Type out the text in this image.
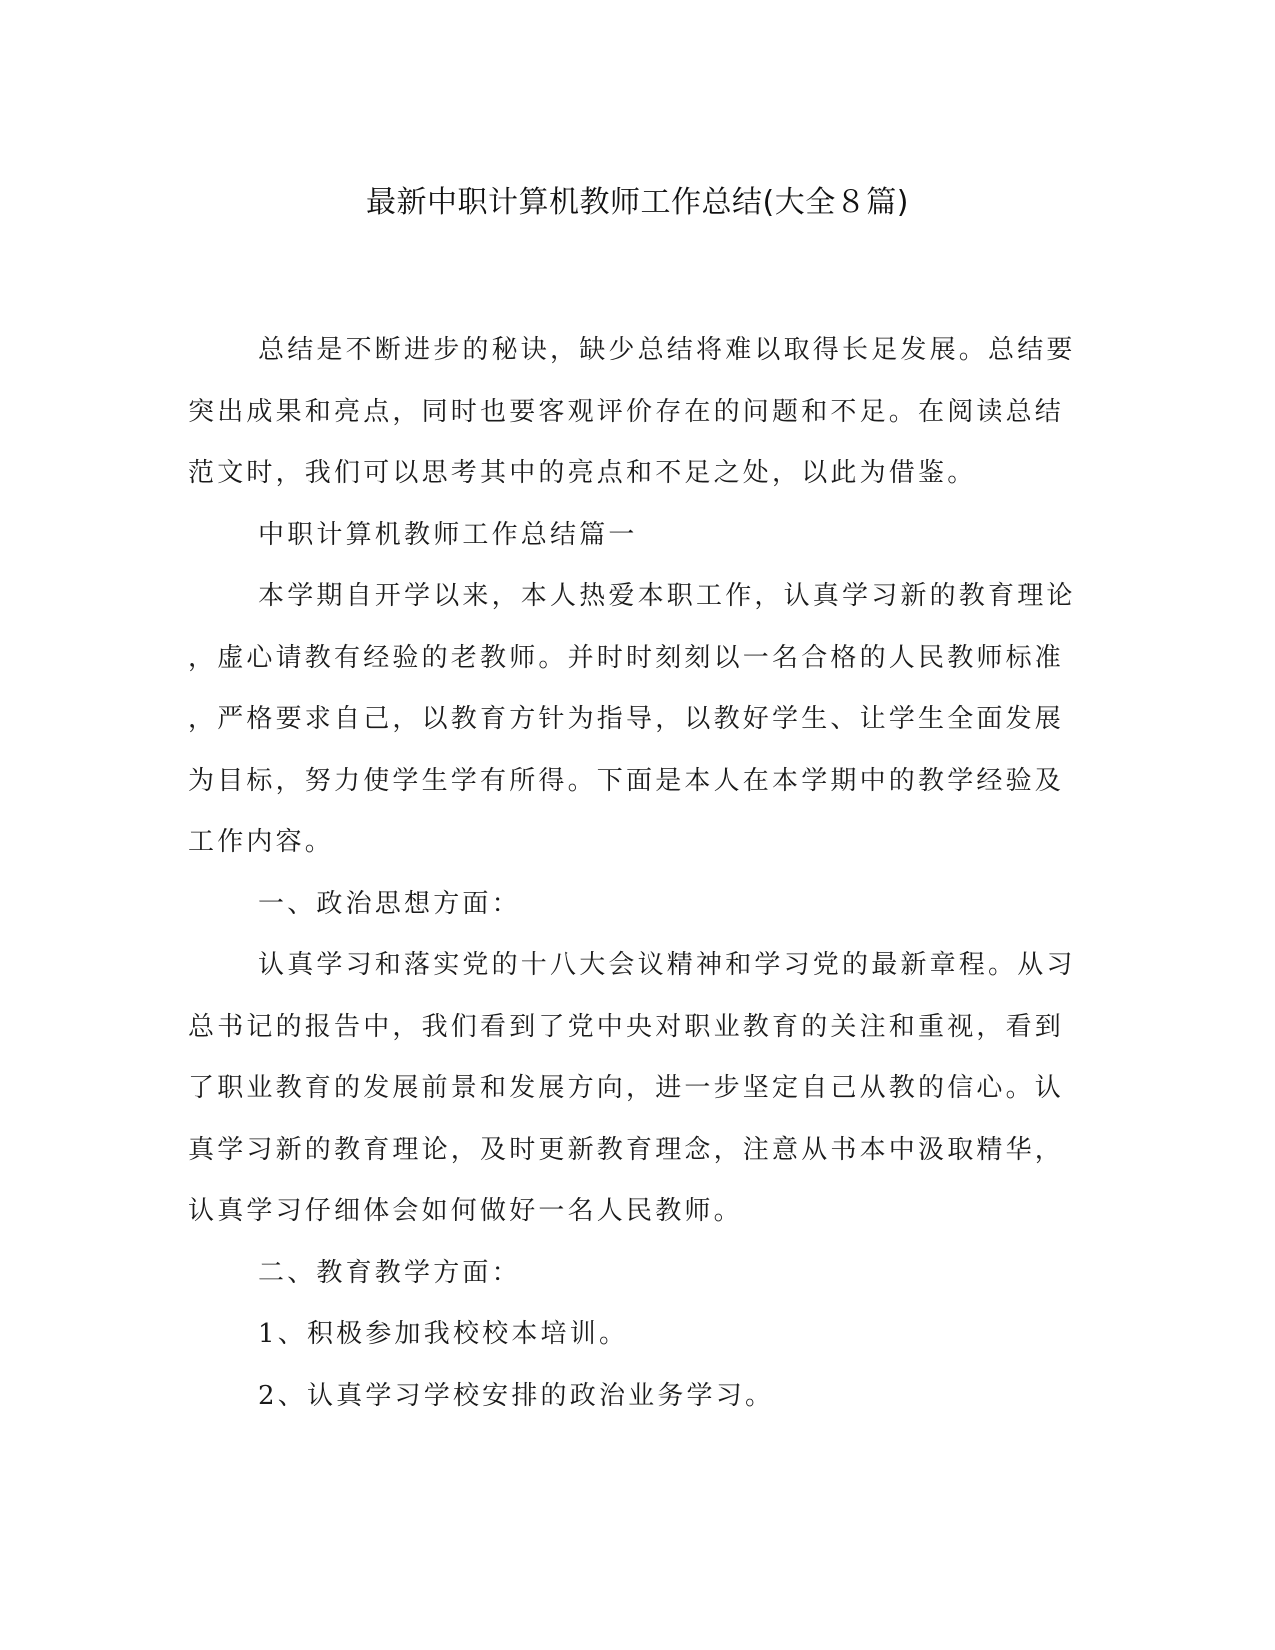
最新中职计算机教师工作总结(大全８篇)
总结是不断进步的秘诀，缺少总结将难以取得长足发展。总结要
突出成果和亮点，同时也要客观评价存在的问题和不足。在阅读总结
范文时，我们可以思考其中的亮点和不足之处，以此为借鉴。
中职计算机教师工作总结篇一
本学期自开学以来，本人热爱本职工作，认真学习新的教育理论
，虚心请教有经验的老教师。并时时刻刻以一名合格的人民教师标准
，严格要求自己，以教育方针为指导，以教好学生、让学生全面发展
为目标，努力使学生学有所得。下面是本人在本学期中的教学经验及
工作内容。
一、政治思想方面：
认真学习和落实党的十八大会议精神和学习党的最新章程。从习
总书记的报告中，我们看到了党中央对职业教育的关注和重视，看到
了职业教育的发展前景和发展方向，进一步坚定自己从教的信心。认
真学习新的教育理论，及时更新教育理念，注意从书本中汲取精华，
认真学习仔细体会如何做好一名人民教师。
二、教育教学方面：
1、积极参加我校校本培训。
2、认真学习学校安排的政治业务学习。
